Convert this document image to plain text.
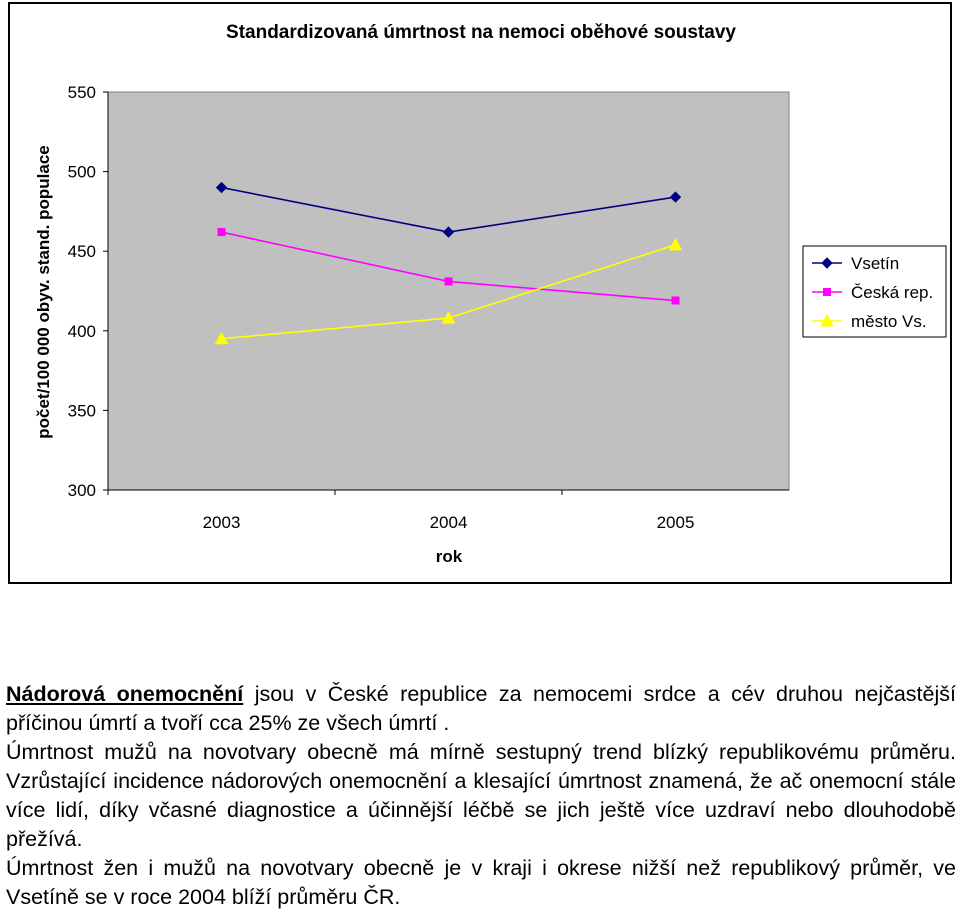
Standardizovaná úmrtnost na nemoci oběhové soustavy
300
350
400
450
500
550
2003	2004	2005
počet/100 000 obyv. stand. populace
rok
Vsetín
Česká rep.
město Vs.

Nádorová onemocnění jsou v České republice za nemocemi srdce a cév druhou nejčastější příčinou úmrtí a tvoří cca 25% ze všech úmrtí .

Úmrtnost mužů na novotvary obecně má mírně sestupný trend blízký republikovému průměru. Vzrůstající incidence nádorových onemocnění a klesající úmrtnost znamená, že ač onemocní stále více lidí, díky včasné diagnostice a účinnější léčbě se jich ještě více uzdraví nebo dlouhodobě přežívá.

Úmrtnost žen i mužů na novotvary obecně je v kraji i okrese nižší než republikový průměr, ve Vsetíně se v roce 2004 blíží průměru ČR.
